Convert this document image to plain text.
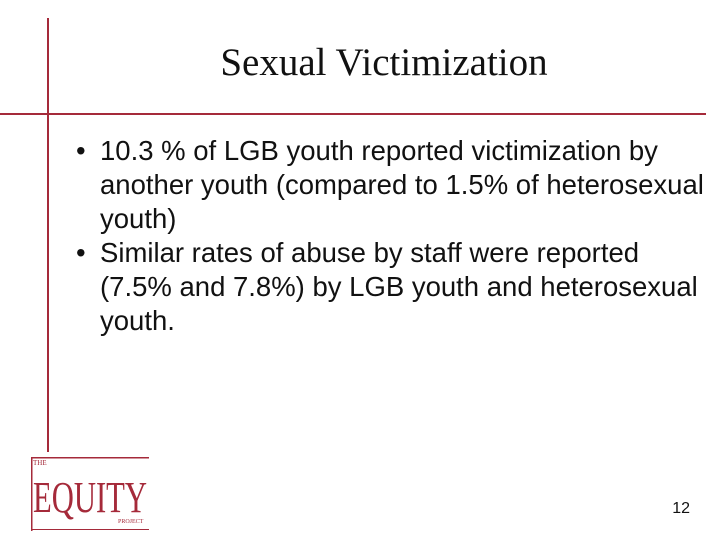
Sexual Victimization
• 10.3 % of LGB youth reported victimization by another youth (compared to 1.5% of heterosexual youth)
• Similar rates of abuse by staff were reported (7.5% and 7.8%) by LGB youth and heterosexual youth.
THE
EQUITY
PROJECT
12
